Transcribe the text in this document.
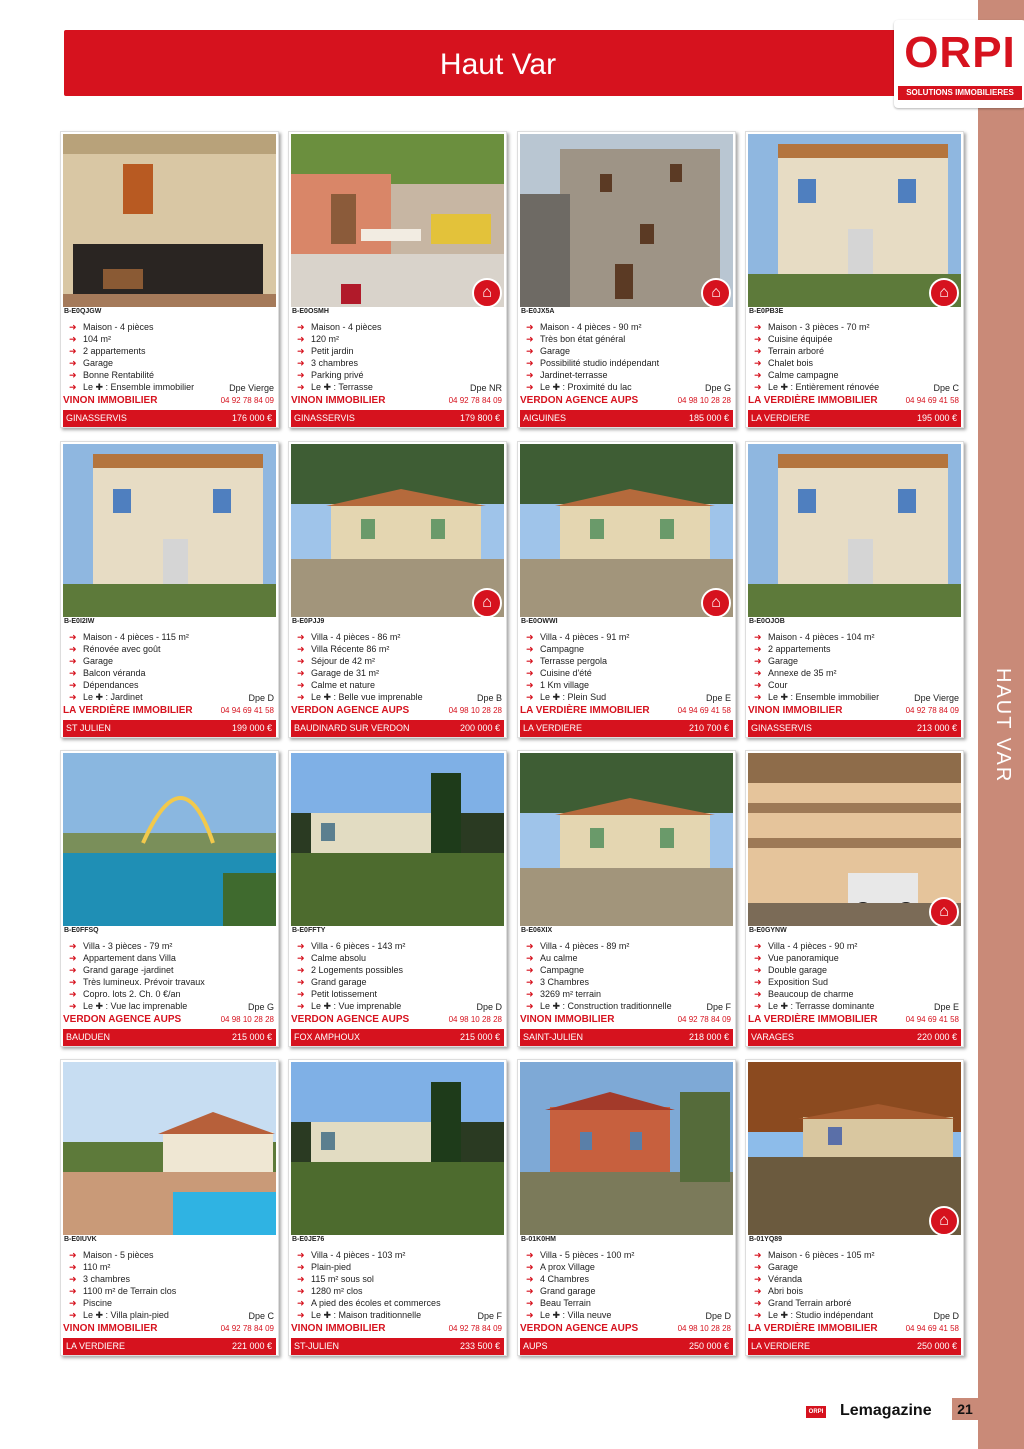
HAUT VAR
Haut Var	ORPI
SOLUTIONS IMMOBILIERES
B-E0QJGW
➜ Maison - 4 pièces
➜ 104 m²
➜ 2 appartements
➜ Garage
➜ Bonne Rentabilité
➜ Le ✚ : Ensemble immobilier	Dpe Vierge
VINON IMMOBILIER	04 92 78 84 09
GINASSERVIS	176 000 €
⌂
B-E0OSMH
➜ Maison - 4 pièces
➜ 120 m²
➜ Petit jardin
➜ 3 chambres
➜ Parking privé
➜ Le ✚ : Terrasse	Dpe NR
VINON IMMOBILIER	04 92 78 84 09
GINASSERVIS	179 800 €
⌂
B-E0JX5A
➜ Maison - 4 pièces - 90 m²
➜ Très bon état général
➜ Garage
➜ Possibilité studio indépendant
➜ Jardinet-terrasse
➜ Le ✚ : Proximité du lac	Dpe G
VERDON AGENCE AUPS	04 98 10 28 28
AIGUINES	185 000 €
⌂
B-E0PB3E
➜ Maison - 3 pièces - 70 m²
➜ Cuisine équipée
➜ Terrain arboré
➜ Chalet bois
➜ Calme campagne
➜ Le ✚ : Entièrement rénovée	Dpe C
LA VERDIÈRE IMMOBILIER	04 94 69 41 58
LA VERDIERE	195 000 €
B-E0I2IW
➜ Maison - 4 pièces - 115 m²
➜ Rénovée avec goût
➜ Garage
➜ Balcon véranda
➜ Dépendances
➜ Le ✚ : Jardinet	Dpe D
LA VERDIÈRE IMMOBILIER	04 94 69 41 58
ST JULIEN	199 000 €
⌂
B-E0PJJ9
➜ Villa - 4 pièces - 86 m²
➜ Villa Récente 86 m²
➜ Séjour de 42 m²
➜ Garage de 31 m²
➜ Calme et nature
➜ Le ✚ : Belle vue imprenable	Dpe B
VERDON AGENCE AUPS	04 98 10 28 28
BAUDINARD SUR VERDON	200 000 €
⌂
B-E0OWWI
➜ Villa - 4 pièces - 91 m²
➜ Campagne
➜ Terrasse pergola
➜ Cuisine d'été
➜ 1 Km village
➜ Le ✚ : Plein Sud	Dpe E
LA VERDIÈRE IMMOBILIER	04 94 69 41 58
LA VERDIERE	210 700 €
B-E0OJOB
➜ Maison - 4 pièces - 104 m²
➜ 2 appartements
➜ Garage
➜ Annexe de 35 m²
➜ Cour
➜ Le ✚ : Ensemble immobilier	Dpe Vierge
VINON IMMOBILIER	04 92 78 84 09
GINASSERVIS	213 000 €
B-E0FFSQ
➜ Villa - 3 pièces - 79 m²
➜ Appartement dans Villa
➜ Grand garage -jardinet
➜ Très lumineux. Prévoir travaux
➜ Copro. lots 2. Ch. 0 €/an
➜ Le ✚ : Vue lac imprenable	Dpe G
VERDON AGENCE AUPS	04 98 10 28 28
BAUDUEN	215 000 €
B-E0FFTY
➜ Villa - 6 pièces - 143 m²
➜ Calme absolu
➜ 2 Logements possibles
➜ Grand garage
➜ Petit lotissement
➜ Le ✚ : Vue imprenable	Dpe D
VERDON AGENCE AUPS	04 98 10 28 28
FOX AMPHOUX	215 000 €
B-E06XIX
➜ Villa - 4 pièces - 89 m²
➜ Au calme
➜ Campagne
➜ 3 Chambres
➜ 3269 m² terrain
➜ Le ✚ : Construction traditionnelle	Dpe F
VINON IMMOBILIER	04 92 78 84 09
SAINT-JULIEN	218 000 €
⌂
B-E0GYNW
➜ Villa - 4 pièces - 90 m²
➜ Vue panoramique
➜ Double garage
➜ Exposition Sud
➜ Beaucoup de charme
➜ Le ✚ : Terrasse dominante	Dpe E
LA VERDIÈRE IMMOBILIER	04 94 69 41 58
VARAGES	220 000 €
B-E0IUVK
➜ Maison - 5 pièces
➜ 110 m²
➜ 3 chambres
➜ 1100 m² de Terrain clos
➜ Piscine
➜ Le ✚ : Villa plain-pied	Dpe C
VINON IMMOBILIER	04 92 78 84 09
LA VERDIERE	221 000 €
B-E0JE76
➜ Villa - 4 pièces - 103 m²
➜ Plain-pied
➜ 115 m² sous sol
➜ 1280 m² clos
➜ A pied des écoles et commerces
➜ Le ✚ : Maison traditionnelle	Dpe F
VINON IMMOBILIER	04 92 78 84 09
ST-JULIEN	233 500 €
B-01K0HM
➜ Villa - 5 pièces - 100 m²
➜ A prox Village
➜ 4 Chambres
➜ Grand garage
➜ Beau Terrain
➜ Le ✚ : Villa neuve	Dpe D
VERDON AGENCE AUPS	04 98 10 28 28
AUPS	250 000 €
⌂
B-01YQ89
➜ Maison - 6 pièces - 105 m²
➜ Garage
➜ Véranda
➜ Abri bois
➜ Grand Terrain arboré
➜ Le ✚ : Studio indépendant	Dpe D
LA VERDIÈRE IMMOBILIER	04 94 69 41 58
LA VERDIERE	250 000 €
ORPI Lemagazine	21
